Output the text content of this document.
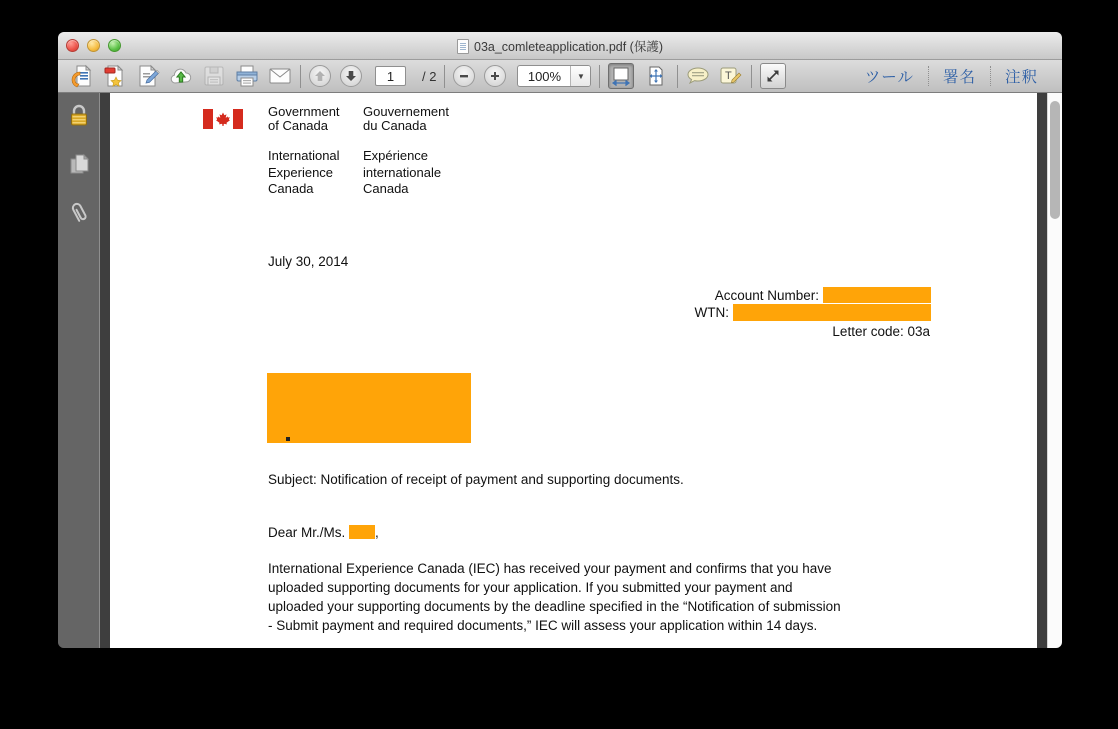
03a_comleteapplication.pdf (保護)
1 / 2	100%	▼	T	ツール	署名	注釈
Government
of Canada
Gouvernement
du Canada
International
Experience
Canada
Expérience
internationale
Canada
July 30, 2014
Account Number:
WTN:
Letter code: 03a
Subject: Notification of receipt of payment and supporting documents.
Dear Mr./Ms. ,
International Experience Canada (IEC) has received your payment and confirms that you have
uploaded supporting documents for your application. If you submitted your payment and
uploaded your supporting documents by the deadline specified in the “Notification of submission
- Submit payment and required documents,” IEC will assess your application within 14 days.
